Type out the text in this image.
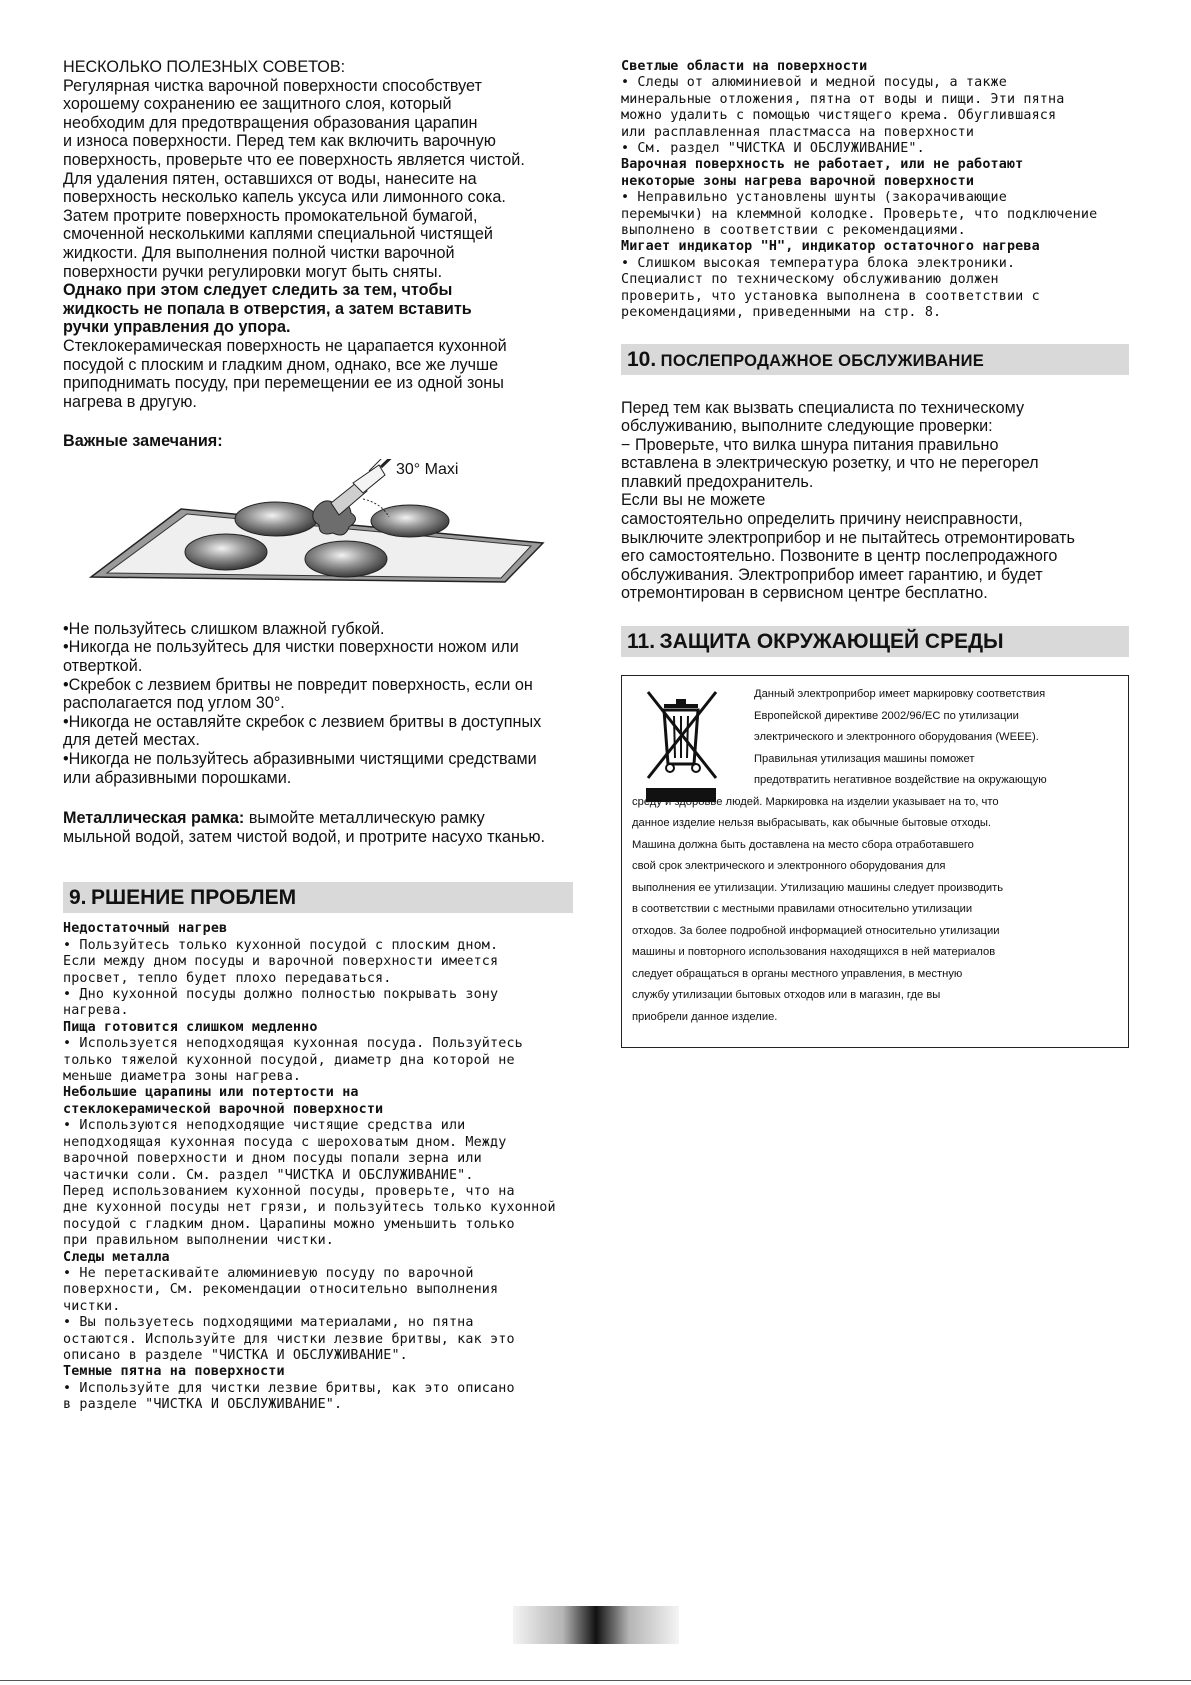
НЕСКОЛЬКО ПОЛЕЗНЫХ СОВЕТОВ:

Регулярная чистка варочной поверхности способствует

хорошему сохранению ее защитного слоя, который

необходим для предотвращения образования царапин

и износа поверхности. Перед тем как включить варочную

поверхность, проверьте что ее поверхность является чистой.

Для удаления пятен, оставшихся от воды, нанесите на

поверхность несколько капель уксуса или лимонного сока.

Затем протрите поверхность промокательной бумагой,

смоченной несколькими каплями специальной чистящей

жидкости. Для выполнения полной чистки варочной

поверхности ручки регулировки могут быть сняты.

Однако при этом следует следить за тем, чтобы

жидкость не попала в отверстия, а затем вставить

ручки управления до упора.

Стеклокерамическая поверхность не царапается кухонной

посудой с плоским и гладким дном, однако, все же лучше

приподнимать посуду, при перемещении ее из одной зоны

нагрева в другую.

Важные замечания:

30° Maxi

•Не пользуйтесь слишком влажной губкой.

•Никогда не пользуйтесь для чистки поверхности ножом или

отверткой.

•Скребок с лезвием бритвы не повредит поверхность, если он

располагается под углом 30°.

•Никогда не оставляйте скребок с лезвием бритвы в доступных

для детей местах.

•Никогда не пользуйтесь абразивными чистящими средствами

или абразивными порошками.

Металлическая рамка: вымойте металлическую рамку

мыльной водой, затем чистой водой, и протрите насухо тканью.

9. РШЕНИЕ ПРОБЛЕМ

Недостаточный нагрев

• Пользуйтесь только кухонной посудой с плоским дном.

Если между дном посуды и варочной поверхности имеется

просвет, тепло будет плохо передаваться.

• Дно кухонной посуды должно полностью покрывать зону

нагрева.

Пища готовится слишком медленно

• Используется неподходящая кухонная посуда. Пользуйтесь

только тяжелой кухонной посудой, диаметр дна которой не

меньше диаметра зоны нагрева.

Небольшие царапины или потертости на

стеклокерамической варочной поверхности

• Используются неподходящие чистящие средства или

неподходящая кухонная посуда с шероховатым дном. Между

варочной поверхности и дном посуды попали зерна или

частички соли. См. раздел "ЧИСТКА И ОБСЛУЖИВАНИЕ".

Перед использованием кухонной посуды, проверьте, что на

дне кухонной посуды нет грязи, и пользуйтесь только кухонной

посудой с гладким дном. Царапины можно уменьшить только

при правильном выполнении чистки.

Следы металла

• Не перетаскивайте алюминиевую посуду по варочной

поверхности, См. рекомендации относительно выполнения

чистки.

• Вы пользуетесь подходящими материалами, но пятна

остаются. Используйте для чистки лезвие бритвы, как это

описано в разделе "ЧИСТКА И ОБСЛУЖИВАНИЕ".

Темные пятна на поверхности

• Используйте для чистки лезвие бритвы, как это описано

в разделе "ЧИСТКА И ОБСЛУЖИВАНИЕ".

Светлые области на поверхности

• Следы от алюминиевой и медной посуды, а также

минеральные отложения, пятна от воды и пищи. Эти пятна

можно удалить с помощью чистящего крема. Обуглившаяся

или расплавленная пластмасса на поверхности

• См. раздел "ЧИСТКА И ОБСЛУЖИВАНИЕ".

Варочная поверхность не работает, или не работают

некоторые зоны нагрева варочной поверхности

• Неправильно установлены шунты (закорачивающие

перемычки) на клеммной колодке. Проверьте, что подключение

выполнено в соответствии с рекомендациями.

Мигает индикатор "H", индикатор остаточного нагрева

• Слишком высокая температура блока электроники.

Специалист по техническому обслуживанию должен

проверить, что установка выполнена в соответствии с

рекомендациями, приведенными на стр. 8.

10. ПОСЛЕПРОДАЖНОЕ ОБСЛУЖИВАНИЕ

Перед тем как вызвать специалиста по техническому

обслуживанию, выполните следующие проверки:

− Проверьте, что вилка шнура питания правильно

вставлена в электрическую розетку, и что не перегорел

плавкий предохранитель.

Если вы не можете

самостоятельно определить причину неисправности,

выключите электроприбор и не пытайтесь отремонтировать

его самостоятельно. Позвоните в центр послепродажного

обслуживания. Электроприбор имеет гарантию, и будет

отремонтирован в сервисном центре бесплатно.

11. ЗАЩИТА ОКРУЖАЮЩЕЙ СРЕДЫ

Данный электроприбор имеет маркировку соответствия

Европейской директиве 2002/96/EC по утилизации

электрического и электронного оборудования (WEEE).

Правильная утилизация машины поможет

предотвратить негативное воздействие на окружающую

среду и здоровье людей. Маркировка на изделии указывает на то, что

данное изделие нельзя выбрасывать, как обычные бытовые отходы.

Машина должна быть доставлена на место сбора отработавшего

свой срок электрического и электронного оборудования для

выполнения ее утилизации. Утилизацию машины следует производить

в соответствии с местными правилами относительно утилизации

отходов. За более подробной информацией относительно утилизации

машины и повторного использования находящихся в ней материалов

следует обращаться в органы местного управления, в местную

службу утилизации бытовых отходов или в магазин, где вы

приобрели данное изделие.
